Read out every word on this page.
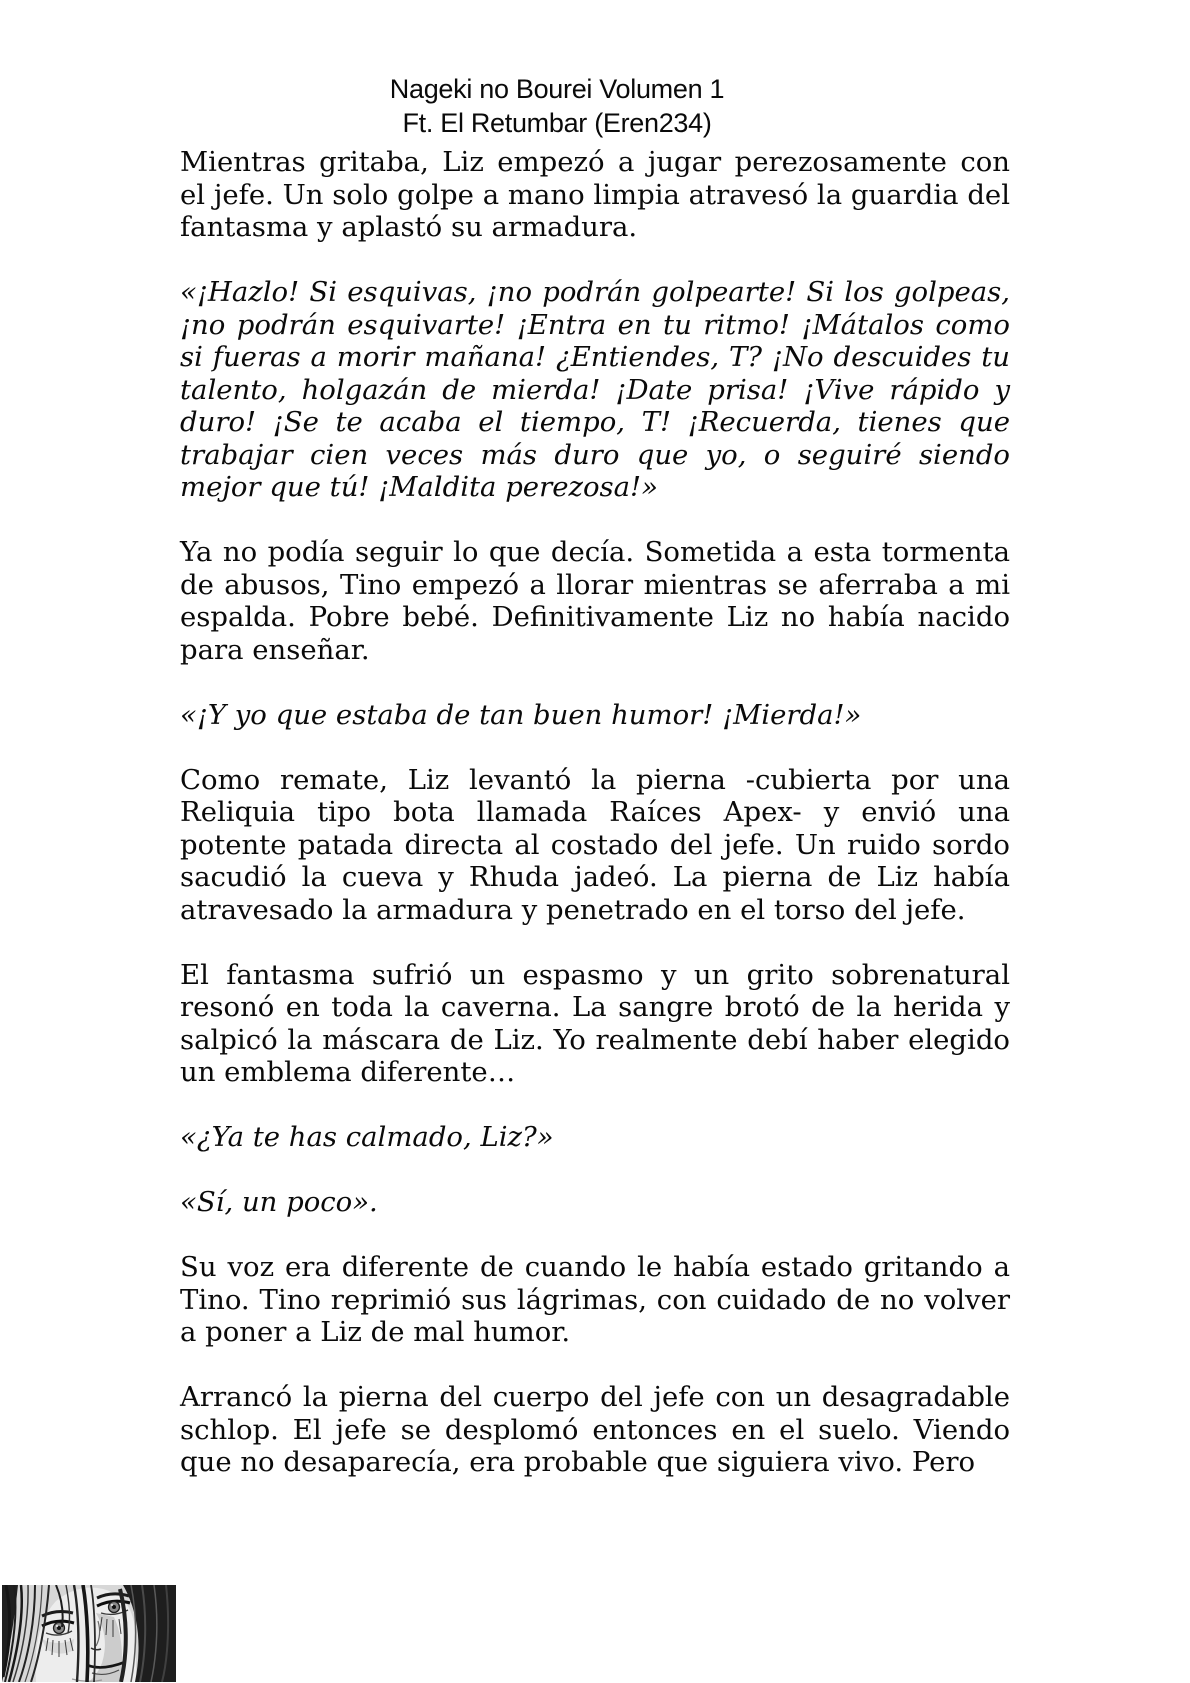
Nageki no Bourei Volumen 1
Ft. El Retumbar (Eren234)

Mientras gritaba, Liz empezó a jugar perezosamente con el jefe. Un solo golpe a mano limpia atravesó la guardia del fantasma y aplastó su armadura.

«¡Hazlo! Si esquivas, ¡no podrán golpearte! Si los golpeas, ¡no podrán esquivarte! ¡Entra en tu ritmo! ¡Mátalos como si fueras a morir mañana! ¿Entiendes, T? ¡No descuides tu talento, holgazán de mierda! ¡Date prisa! ¡Vive rápido y duro! ¡Se te acaba el tiempo, T! ¡Recuerda, tienes que trabajar cien veces más duro que yo, o seguiré siendo mejor que tú! ¡Maldita perezosa!»

Ya no podía seguir lo que decía. Sometida a esta tormenta de abusos, Tino empezó a llorar mientras se aferraba a mi espalda. Pobre bebé. Definitivamente Liz no había nacido para enseñar.

«¡Y yo que estaba de tan buen humor! ¡Mierda!»

Como remate, Liz levantó la pierna -cubierta por una Reliquia tipo bota llamada Raíces Apex- y envió una potente patada directa al costado del jefe. Un ruido sordo sacudió la cueva y Rhuda jadeó. La pierna de Liz había atravesado la armadura y penetrado en el torso del jefe.

El fantasma sufrió un espasmo y un grito sobrenatural resonó en toda la caverna. La sangre brotó de la herida y salpicó la máscara de Liz. Yo realmente debí haber elegido un emblema diferente…

«¿Ya te has calmado, Liz?»

«Sí, un poco».

Su voz era diferente de cuando le había estado gritando a Tino. Tino reprimió sus lágrimas, con cuidado de no volver a poner a Liz de mal humor.

Arrancó la pierna del cuerpo del jefe con un desagradable schlop. El jefe se desplomó entonces en el suelo. Viendo que no desaparecía, era probable que siguiera vivo. Pero
